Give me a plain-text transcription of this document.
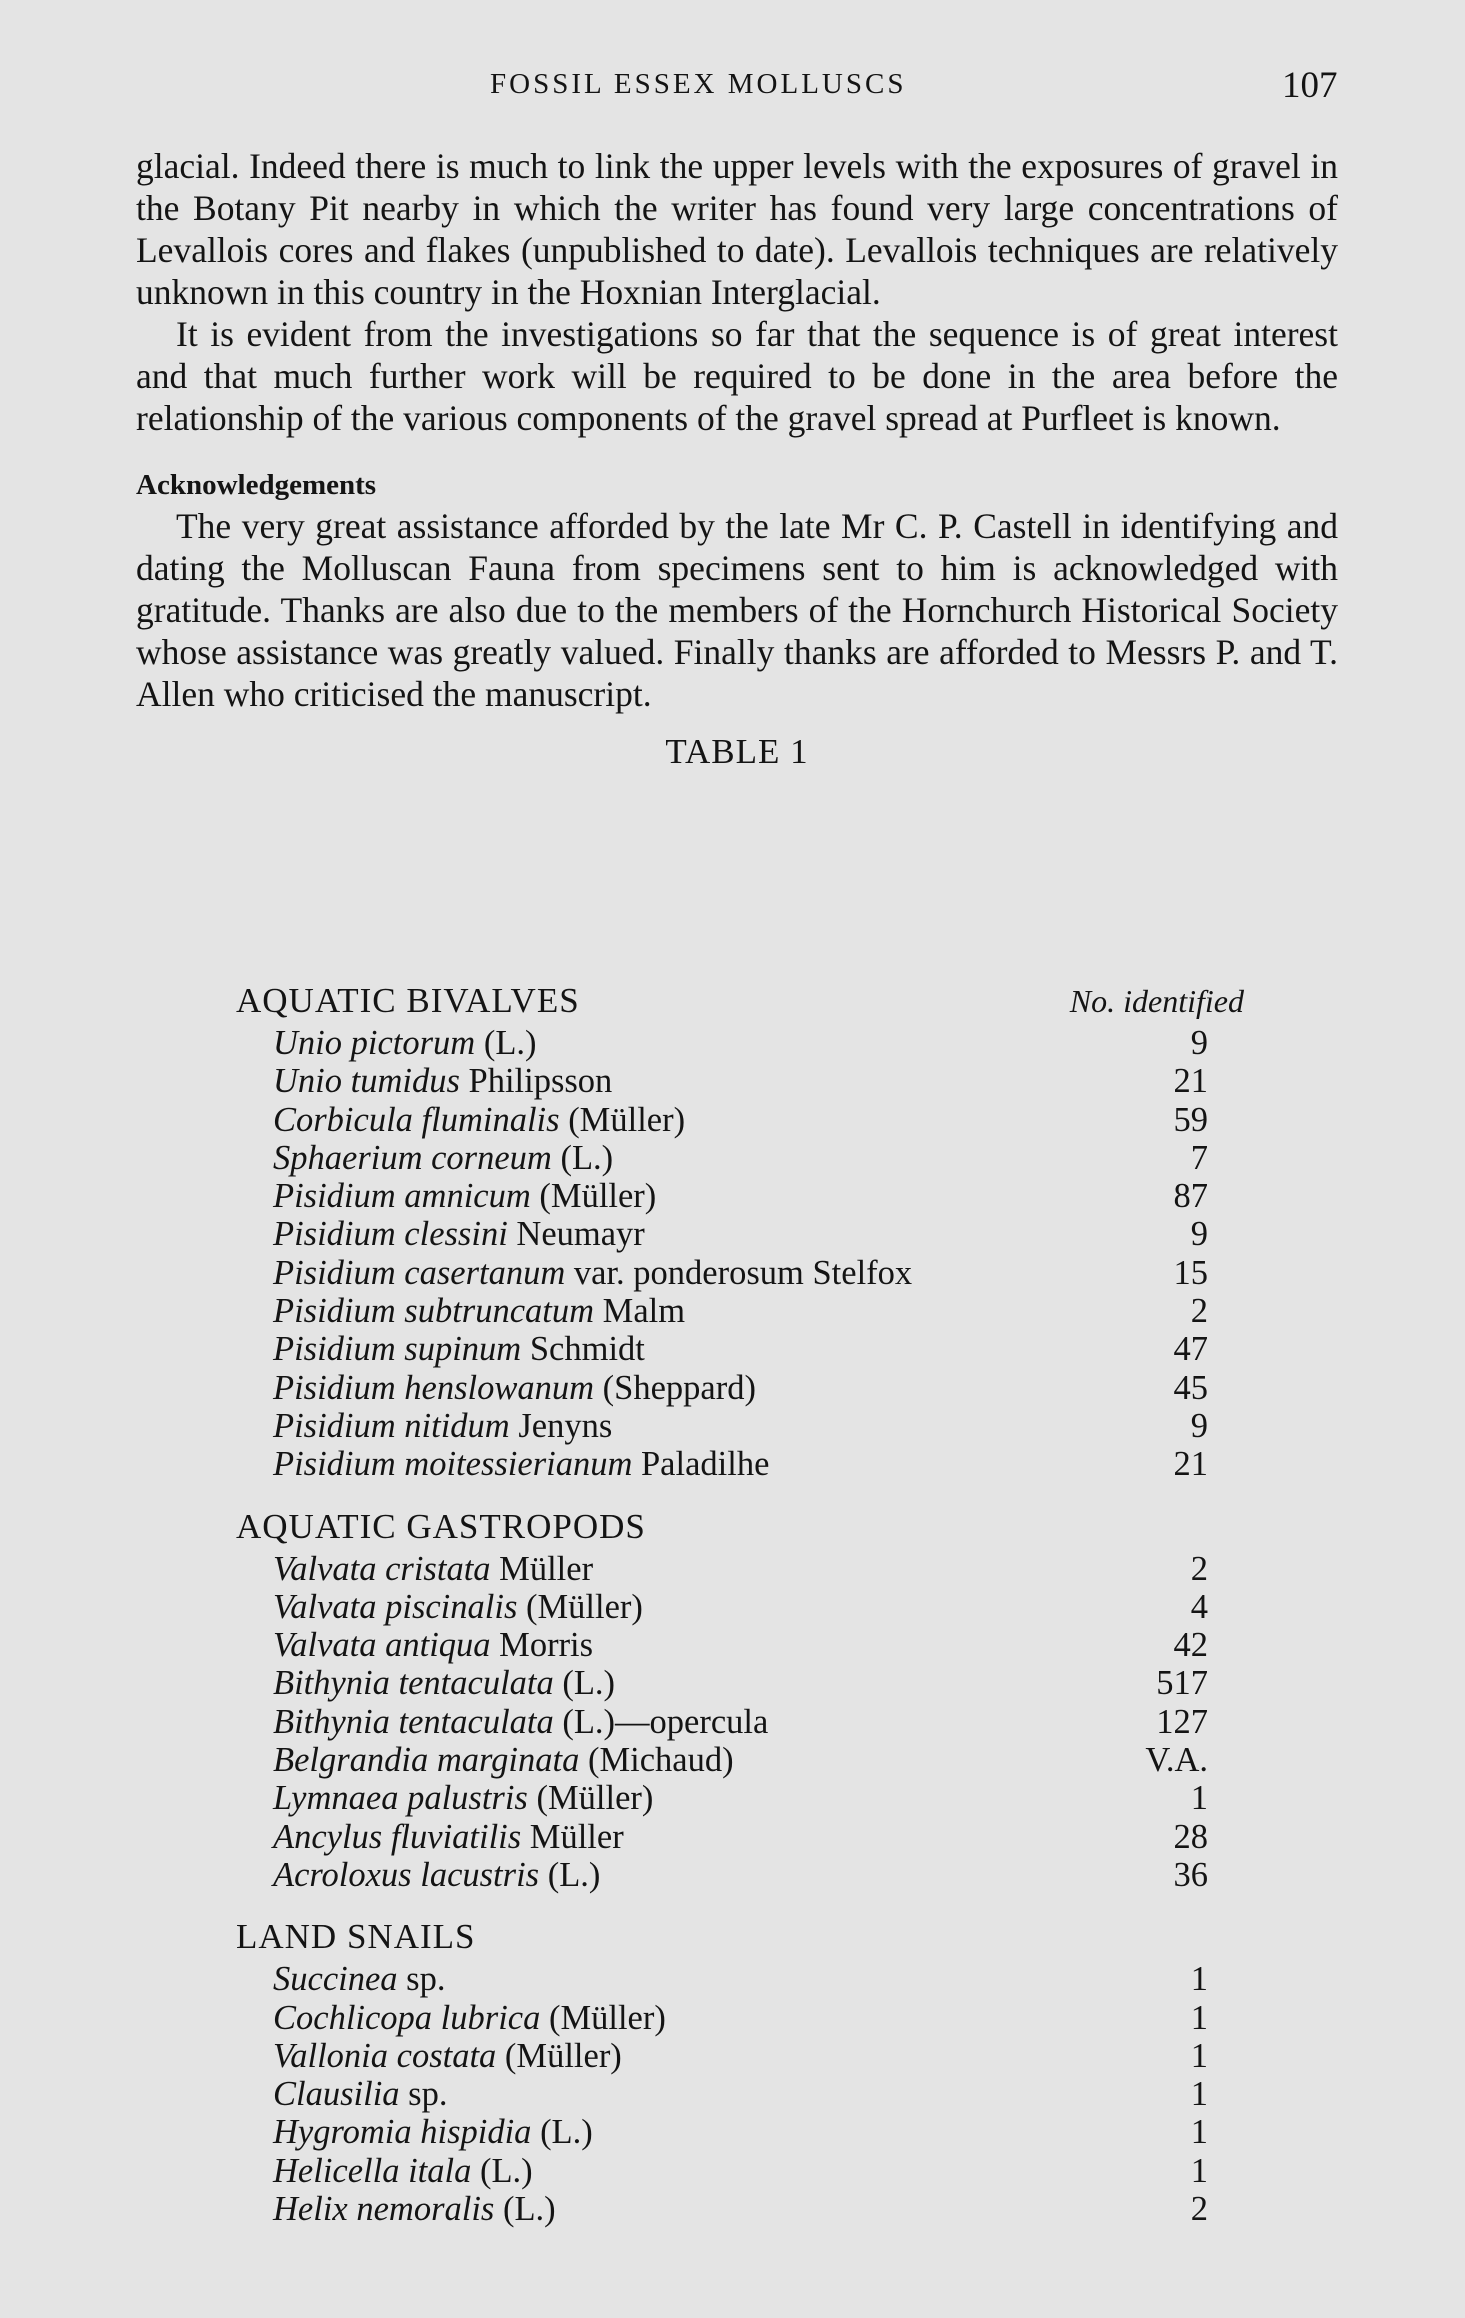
FOSSIL ESSEX MOLLUSCS	107

glacial. Indeed there is much to link the upper levels with the exposures of gravel in the Botany Pit nearby in which the writer has found very large concentrations of Levallois cores and flakes (unpublished to date). Levallois techniques are relatively unknown in this country in the Hoxnian Interglacial.

It is evident from the investigations so far that the sequence is of great interest and that much further work will be required to be done in the area before the relationship of the various components of the gravel spread at Purfleet is known.

Acknowledgements

The very great assistance afforded by the late Mr C. P. Castell in identifying and dating the Molluscan Fauna from specimens sent to him is acknowledged with gratitude. Thanks are also due to the members of the Hornchurch Historical Society whose assistance was greatly valued. Finally thanks are afforded to Messrs P. and T. Allen who criticised the manuscript.

TABLE 1
AQUATIC BIVALVES	No. identified
Unio pictorum (L.)	9
Unio tumidus Philipsson	21
Corbicula fluminalis (Müller)	59
Sphaerium corneum (L.)	7
Pisidium amnicum (Müller)	87
Pisidium clessini Neumayr	9
Pisidium casertanum var. ponderosum Stelfox	15
Pisidium subtruncatum Malm	2
Pisidium supinum Schmidt	47
Pisidium henslowanum (Sheppard)	45
Pisidium nitidum Jenyns	9
Pisidium moitessierianum Paladilhe	21
AQUATIC GASTROPODS
Valvata cristata Müller	2
Valvata piscinalis (Müller)	4
Valvata antiqua Morris	42
Bithynia tentaculata (L.)	517
Bithynia tentaculata (L.)—opercula	127
Belgrandia marginata (Michaud)	V.A.
Lymnaea palustris (Müller)	1
Ancylus fluviatilis Müller	28
Acroloxus lacustris (L.)	36
LAND SNAILS
Succinea sp.	1
Cochlicopa lubrica (Müller)	1
Vallonia costata (Müller)	1
Clausilia sp.	1
Hygromia hispidia (L.)	1
Helicella itala (L.)	1
Helix nemoralis (L.)	2
